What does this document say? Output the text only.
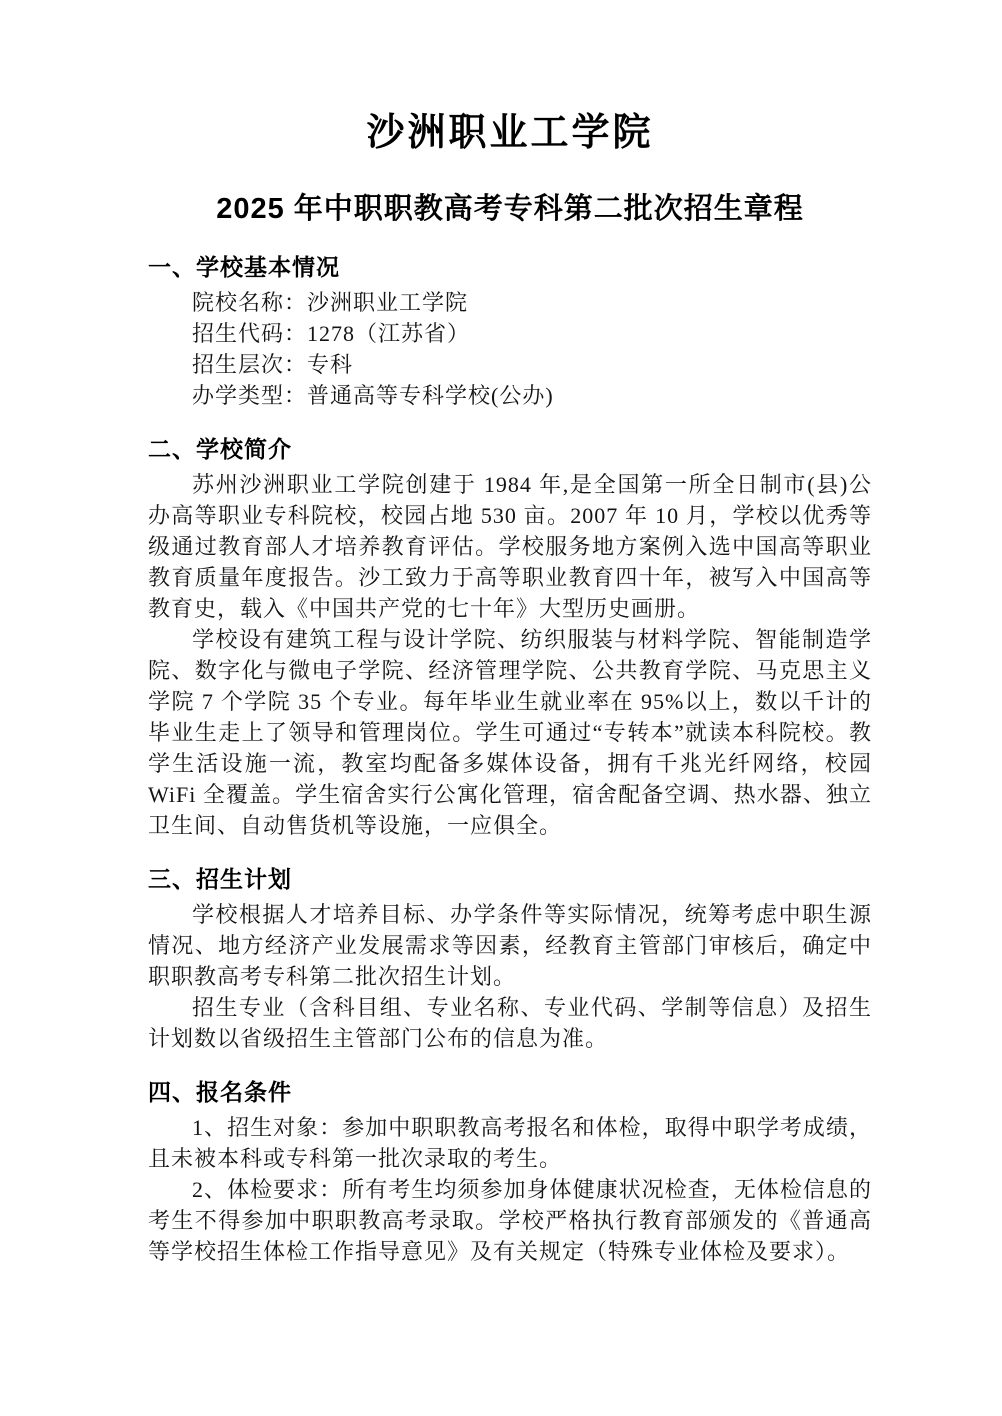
沙洲职业工学院
2025 年中职职教高考专科第二批次招生章程
一、学校基本情况

院校名称：沙洲职业工学院

招生代码：1278（江苏省）

招生层次：专科

办学类型：普通高等专科学校(公办)

二、学校简介

苏州沙洲职业工学院创建于 1984 年,是全国第一所全日制市(县)公办高等职业专科院校，校园占地 530 亩。2007 年 10 月，学校以优秀等级通过教育部人才培养教育评估。学校服务地方案例入选中国高等职业教育质量年度报告。沙工致力于高等职业教育四十年，被写入中国高等教育史，载入《中国共产党的七十年》大型历史画册。

学校设有建筑工程与设计学院、纺织服装与材料学院、智能制造学院、数字化与微电子学院、经济管理学院、公共教育学院、马克思主义学院 7 个学院 35 个专业。每年毕业生就业率在 95%以上，数以千计的毕业生走上了领导和管理岗位。学生可通过“专转本”就读本科院校。教学生活设施一流，教室均配备多媒体设备，拥有千兆光纤网络，校园 WiFi 全覆盖。学生宿舍实行公寓化管理，宿舍配备空调、热水器、独立卫生间、自动售货机等设施，一应俱全。

三、招生计划

学校根据人才培养目标、办学条件等实际情况，统筹考虑中职生源情况、地方经济产业发展需求等因素，经教育主管部门审核后，确定中职职教高考专科第二批次招生计划。

招生专业（含科目组、专业名称、专业代码、学制等信息）及招生计划数以省级招生主管部门公布的信息为准。

四、报名条件

1、招生对象：参加中职职教高考报名和体检，取得中职学考成绩，且未被本科或专科第一批次录取的考生。

2、体检要求：所有考生均须参加身体健康状况检查，无体检信息的考生不得参加中职职教高考录取。学校严格执行教育部颁发的《普通高等学校招生体检工作指导意见》及有关规定（特殊专业体检及要求）。
